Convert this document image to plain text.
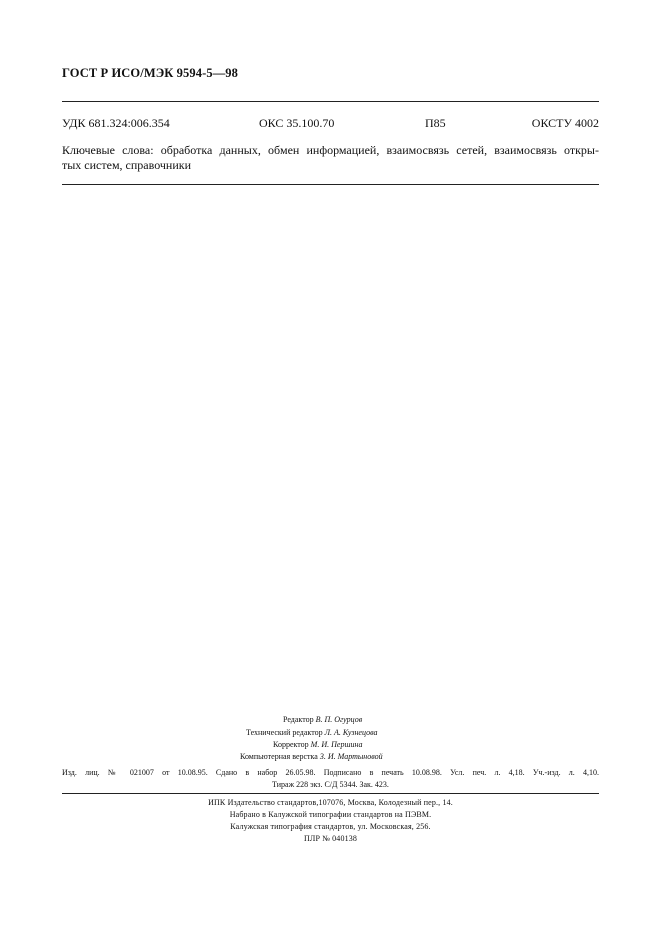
ГОСТ Р ИСО/МЭК 9594-5—98
УДК 681.324:006.354	ОКС 35.100.70	П85	ОКСТУ 4002
Ключевые слова: обработка данных, обмен информацией, взаимосвязь сетей, взаимосвязь откры-
тых систем, справочники
Редактор В. П. Огурцов
Технический редактор Л. А. Кузнецова
Корректор М. И. Першина
Компьютерная верстка 3. И. Мартыновой
Изд. лиц. № 021007 от 10.08.95. Сдано в набор 26.05.98. Подписано в печать 10.08.98. Усл. печ. л. 4,18. Уч.-изд. л. 4,10.
Тираж 228 экз. С/Д 5344. Зак. 423.
ИПК Издательство стандартов,107076, Москва, Колодезный пер., 14.
Набрано в Калужской типографии стандартов на ПЭВМ.
Калужская типография стандартов, ул. Московская, 256.
ПЛР № 040138
